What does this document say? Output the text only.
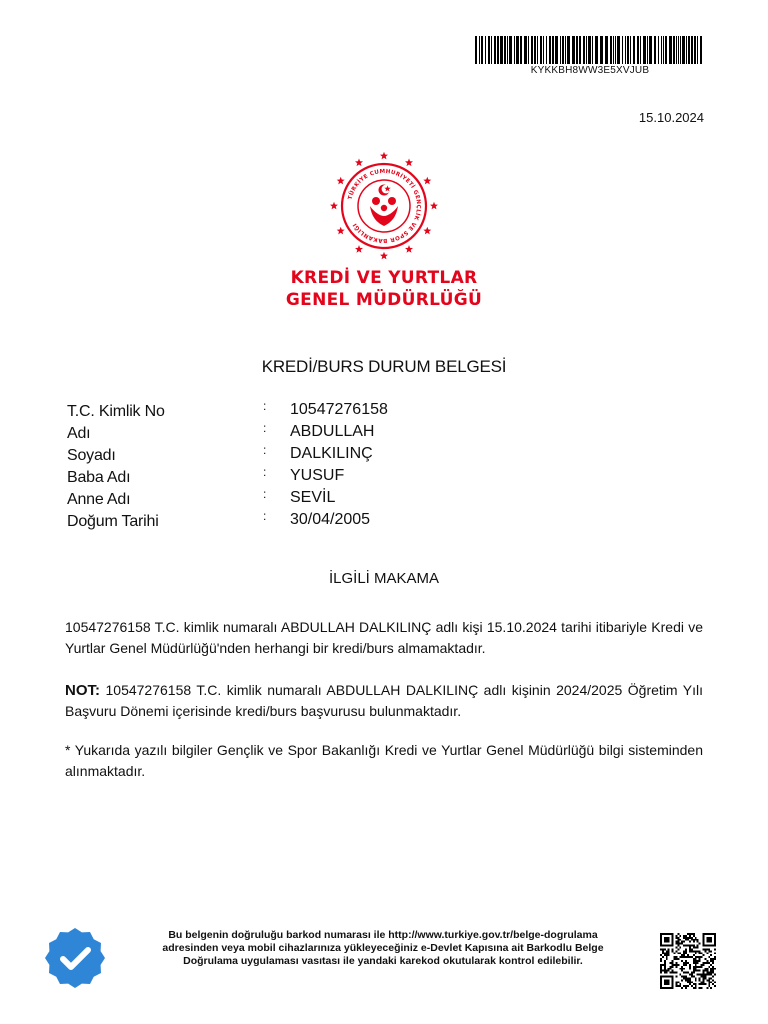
KYKKBH8WW3E5XVJUB
15.10.2024
TÜRKİYE CUMHURİYETİ GENÇLİK VE SPOR BAKANLIĞI
KREDİ VE YURTLAR
GENEL MÜDÜRLÜĞÜ
KREDİ/BURS DURUM BELGESİ
T.C. Kimlik No	: 10547276158
Adı	: ABDULLAH
Soyadı	: DALKILINÇ
Baba Adı	: YUSUF
Anne Adı	: SEVİL
Doğum Tarihi	: 30/04/2005
İLGİLİ MAKAMA
10547276158 T.C. kimlik numaralı ABDULLAH DALKILINÇ adlı kişi 15.10.2024 tarihi itibariyle Kredi ve Yurtlar Genel Müdürlüğü'nden herhangi bir kredi/burs almamaktadır.
NOT: 10547276158 T.C. kimlik numaralı ABDULLAH DALKILINÇ adlı kişinin 2024/2025 Öğretim Yılı Başvuru Dönemi içerisinde kredi/burs başvurusu bulunmaktadır.
* Yukarıda yazılı bilgiler Gençlik ve Spor Bakanlığı Kredi ve Yurtlar Genel Müdürlüğü bilgi sisteminden alınmaktadır.
Bu belgenin doğruluğu barkod numarası ile http://www.turkiye.gov.tr/belge-dogrulama
adresinden veya mobil cihazlarınıza yükleyeceğiniz e-Devlet Kapısına ait Barkodlu Belge
Doğrulama uygulaması vasıtası ile yandaki karekod okutularak kontrol edilebilir.
